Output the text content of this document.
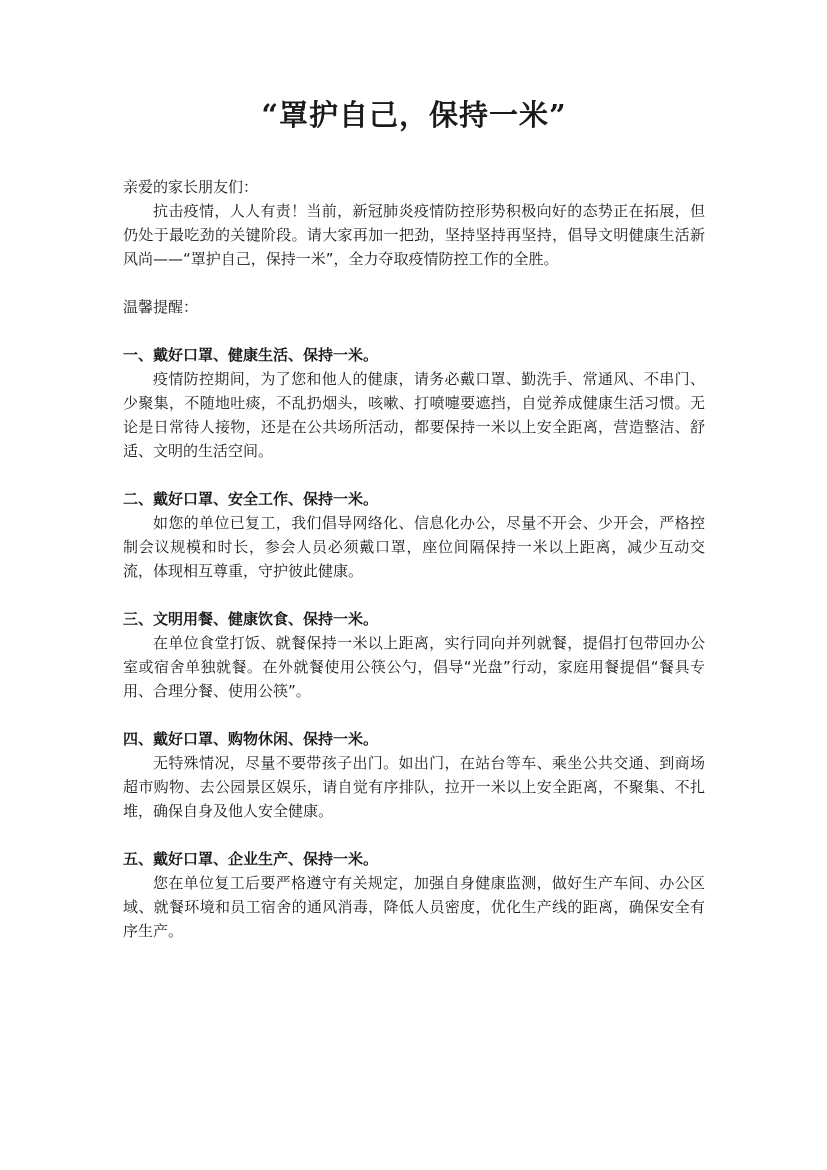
“罩护自己，保持一米”

亲爱的家长朋友们：

抗击疫情，人人有责！当前，新冠肺炎疫情防控形势积极向好的态势正在拓展，但仍处于最吃劲的关键阶段。请大家再加一把劲，坚持坚持再坚持，倡导文明健康生活新风尚——“罩护自己，保持一米”，全力夺取疫情防控工作的全胜。

温馨提醒：

一、戴好口罩、健康生活、保持一米。

疫情防控期间，为了您和他人的健康，请务必戴口罩、勤洗手、常通风、不串门、少聚集，不随地吐痰，不乱扔烟头，咳嗽、打喷嚏要遮挡，自觉养成健康生活习惯。无论是日常待人接物，还是在公共场所活动，都要保持一米以上安全距离，营造整洁、舒适、文明的生活空间。

二、戴好口罩、安全工作、保持一米。

如您的单位已复工，我们倡导网络化、信息化办公，尽量不开会、少开会，严格控制会议规模和时长，参会人员必须戴口罩，座位间隔保持一米以上距离，减少互动交流，体现相互尊重，守护彼此健康。

三、文明用餐、健康饮食、保持一米。

在单位食堂打饭、就餐保持一米以上距离，实行同向并列就餐，提倡打包带回办公室或宿舍单独就餐。在外就餐使用公筷公勺，倡导“光盘”行动，家庭用餐提倡“餐具专用、合理分餐、使用公筷”。

四、戴好口罩、购物休闲、保持一米。

无特殊情况，尽量不要带孩子出门。如出门，在站台等车、乘坐公共交通、到商场超市购物、去公园景区娱乐，请自觉有序排队，拉开一米以上安全距离，不聚集、不扎堆，确保自身及他人安全健康。

五、戴好口罩、企业生产、保持一米。

您在单位复工后要严格遵守有关规定，加强自身健康监测，做好生产车间、办公区域、就餐环境和员工宿舍的通风消毒，降低人员密度，优化生产线的距离，确保安全有序生产。
